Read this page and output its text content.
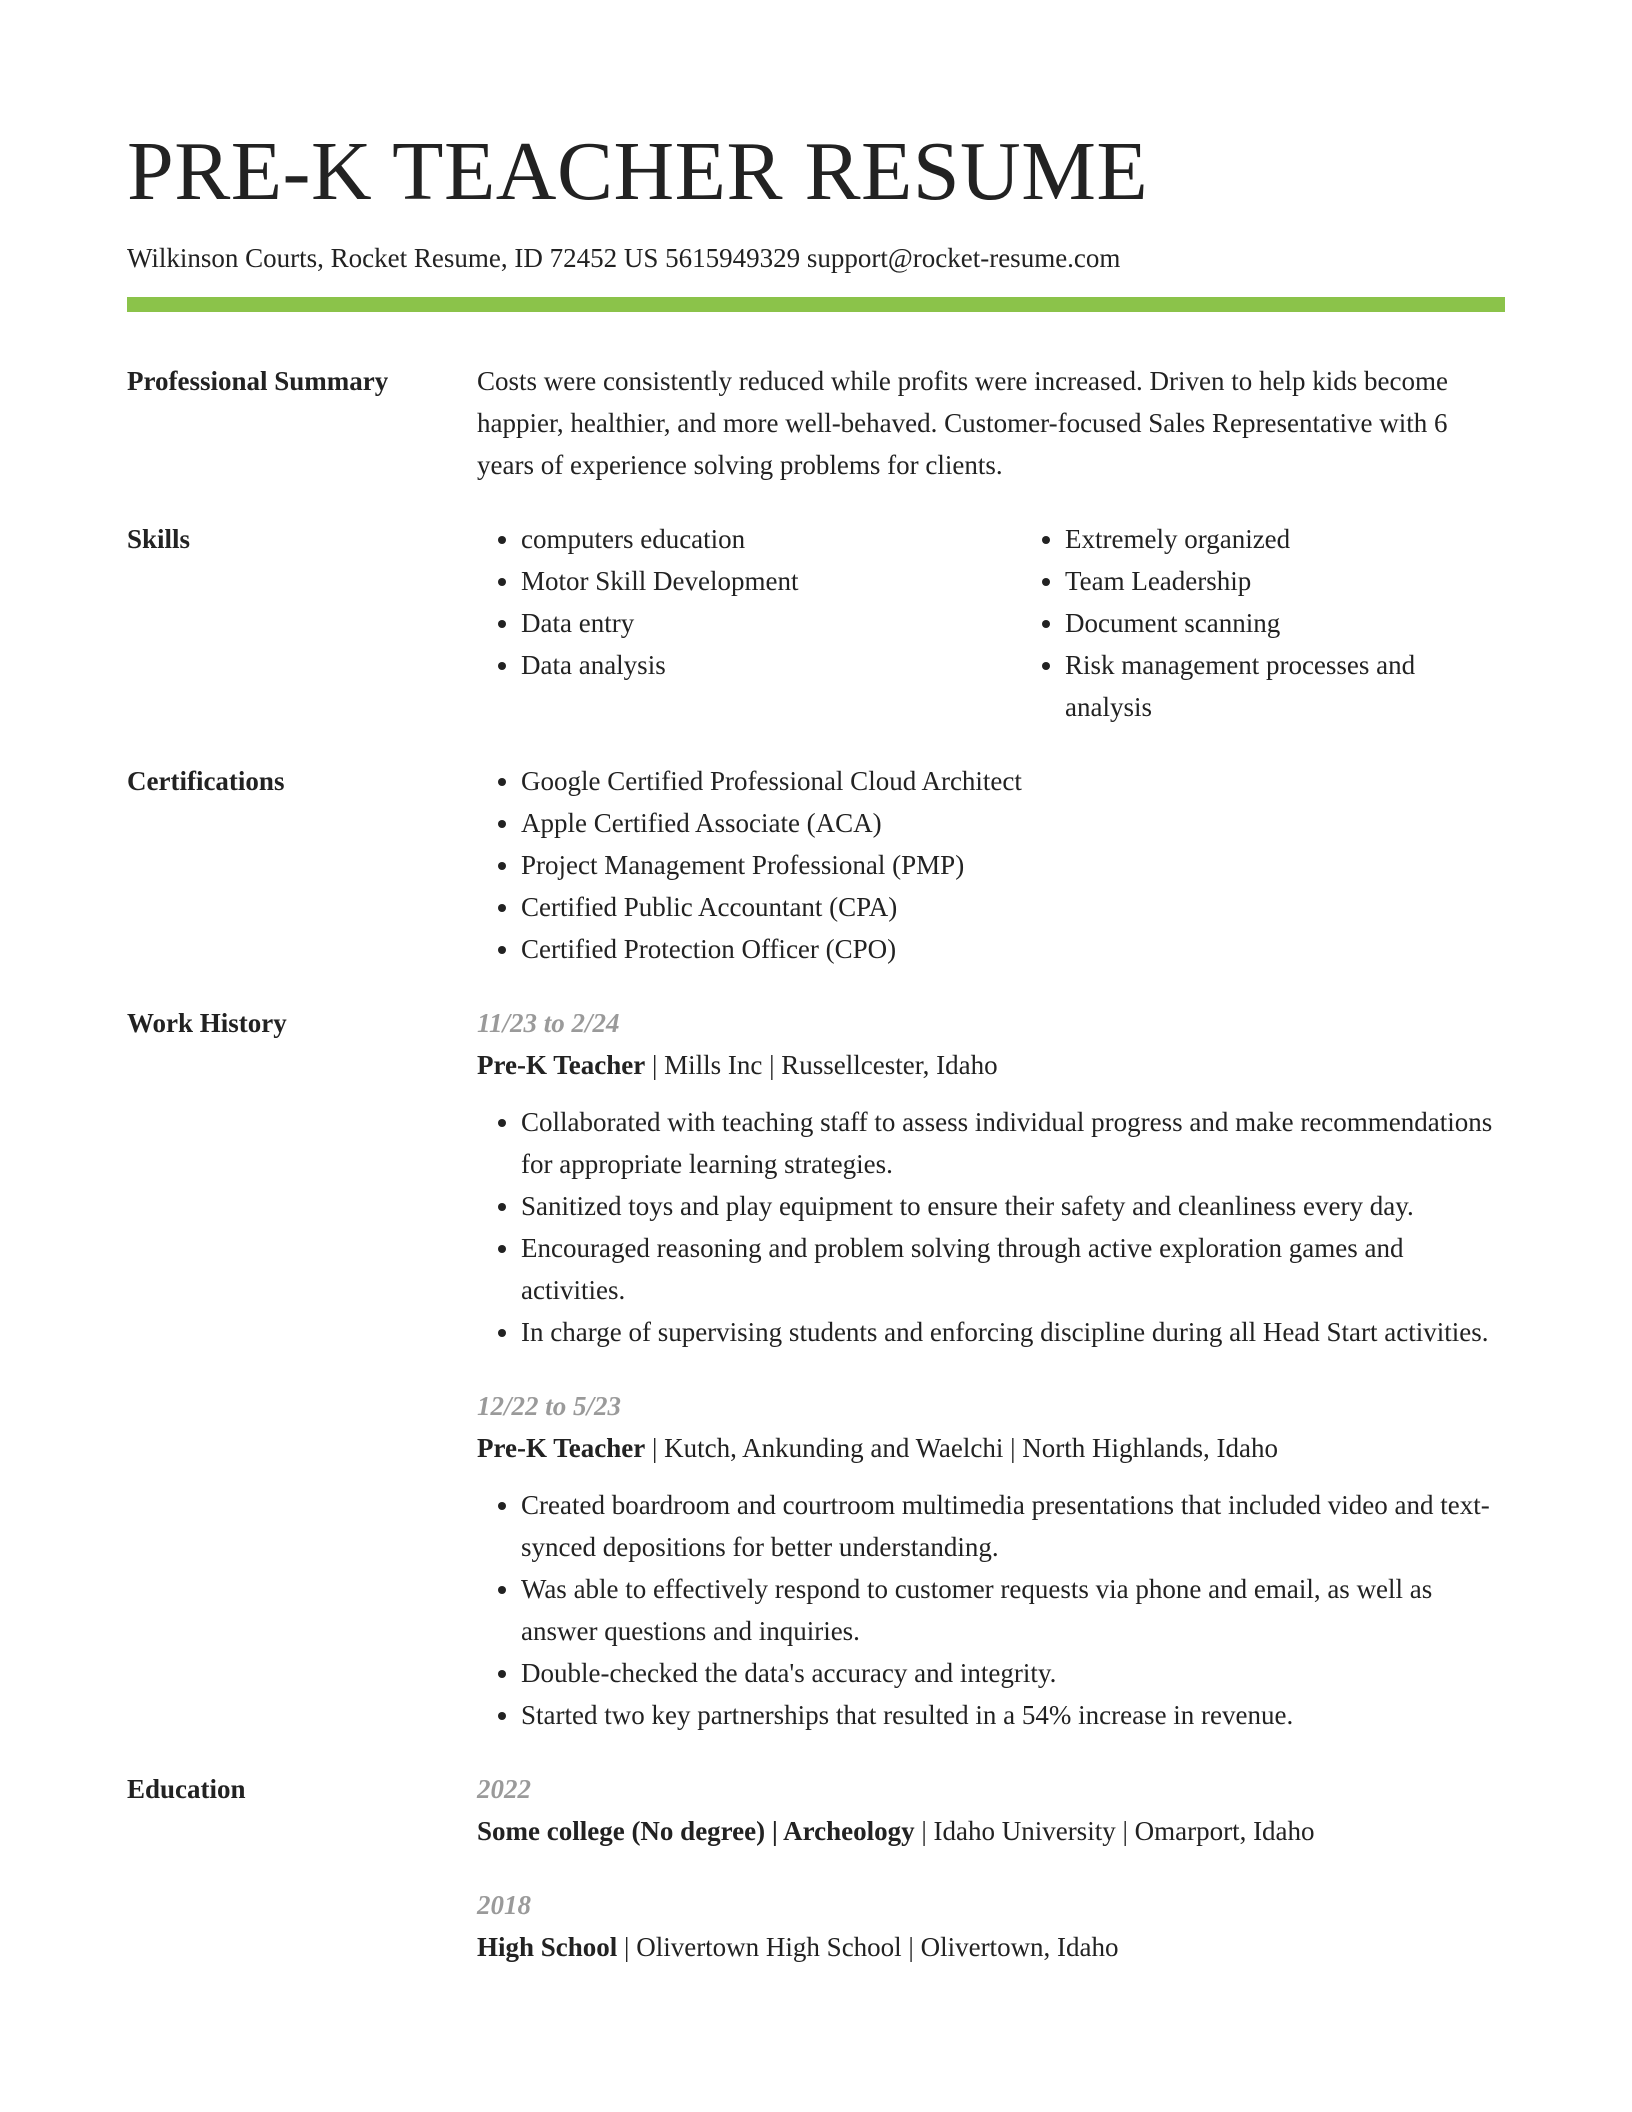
PRE-K TEACHER RESUME
Wilkinson Courts, Rocket Resume, ID 72452 US 5615949329 support@rocket-resume.com
Professional Summary	Costs were consistently reduced while profits were increased. Driven to help kids become happier, healthier, and more well-behaved. Customer-focused Sales Representative with 6 years of experience solving problems for clients.
Skills	• computers education
• Motor Skill Development
• Data entry
• Data analysis
• Extremely organized
• Team Leadership
• Document scanning
• Risk management processes and analysis
Certifications	• Google Certified Professional Cloud Architect
• Apple Certified Associate (ACA)
• Project Management Professional (PMP)
• Certified Public Accountant (CPA)
• Certified Protection Officer (CPO)
Work History	11/23 to 2/24
Pre-K Teacher | Mills Inc | Russellcester, Idaho
• Collaborated with teaching staff to assess individual progress and make recommendations for appropriate learning strategies.
• Sanitized toys and play equipment to ensure their safety and cleanliness every day.
• Encouraged reasoning and problem solving through active exploration games and activities.
• In charge of supervising students and enforcing discipline during all Head Start activities.
12/22 to 5/23
Pre-K Teacher | Kutch, Ankunding and Waelchi | North Highlands, Idaho
• Created boardroom and courtroom multimedia presentations that included video and text-synced depositions for better understanding.
• Was able to effectively respond to customer requests via phone and email, as well as answer questions and inquiries.
• Double-checked the data's accuracy and integrity.
• Started two key partnerships that resulted in a 54% increase in revenue.
Education	2022
Some college (No degree) | Archeology | Idaho University | Omarport, Idaho
2018
High School | Olivertown High School | Olivertown, Idaho
